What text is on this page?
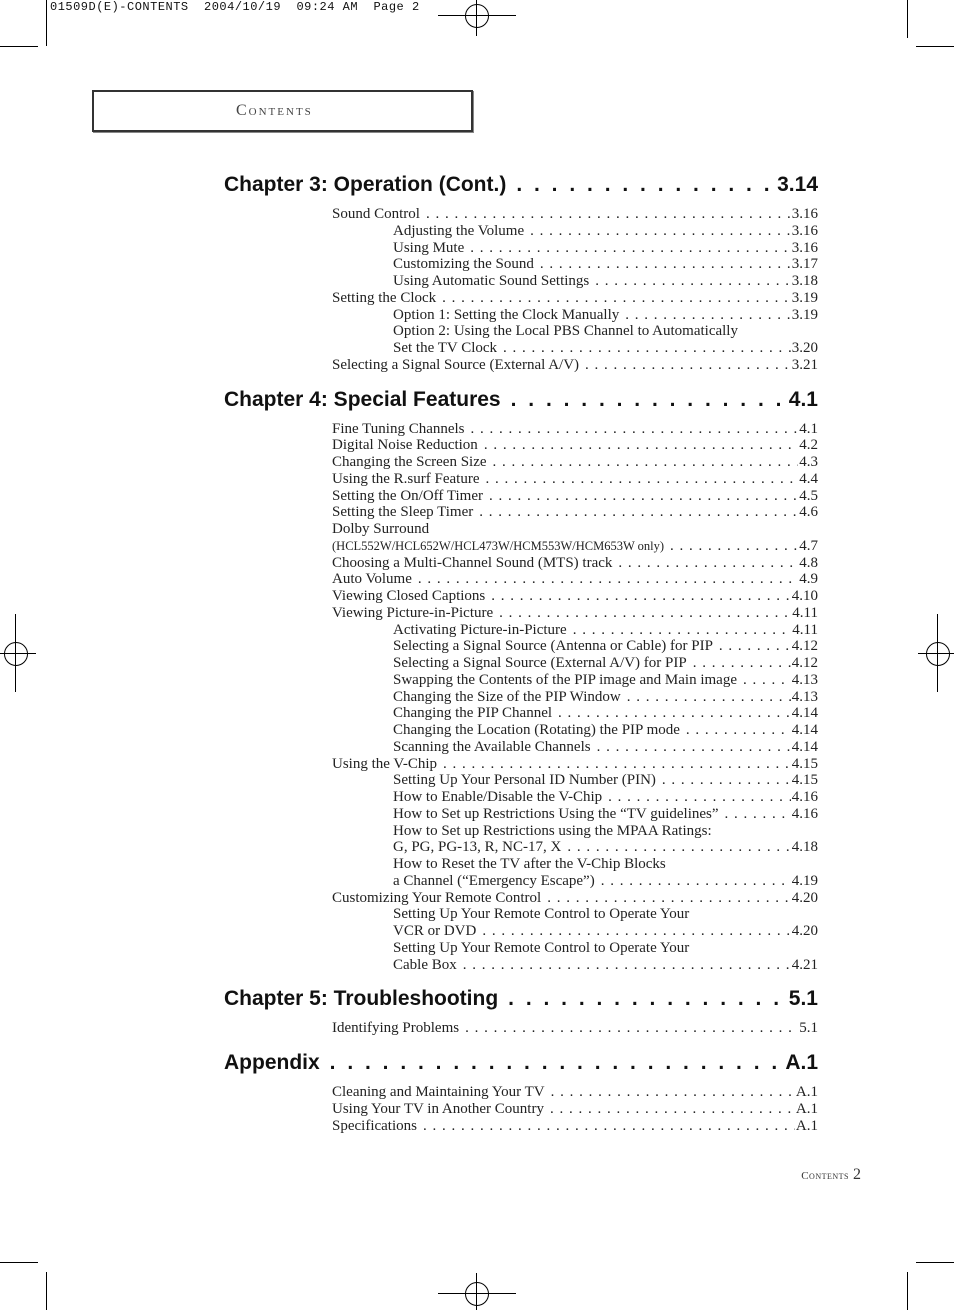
01509D(E)-CONTENTS  2004/10/19  09:24 AM  Page 2
Contents
Chapter 3: Operation (Cont.) . . .	3.14
Sound Control . . .	3.16
Adjusting the Volume . . .	3.16
Using Mute . . .	3.16
Customizing the Sound . . .	3.17
Using Automatic Sound Settings . . .	3.18
Setting the Clock . . .	3.19
Option 1: Setting the Clock Manually . . .	3.19
Option 2: Using the Local PBS Channel to Automatically
Set the TV Clock . . .	3.20
Selecting a Signal Source (External A/V) . . .	3.21
Chapter 4: Special Features . . .	4.1
Fine Tuning Channels . . .	4.1
Digital Noise Reduction . . .	4.2
Changing the Screen Size . . .	4.3
Using the R.surf Feature . . .	4.4
Setting the On/Off Timer . . .	4.5
Setting the Sleep Timer . . .	4.6
Dolby Surround
(HCL552W/HCL652W/HCL473W/HCM553W/HCM653W only) . . .	4.7
Choosing a Multi-Channel Sound (MTS) track . . .	4.8
Auto Volume . . .	4.9
Viewing Closed Captions . . .	4.10
Viewing Picture-in-Picture . . .	4.11
Activating Picture-in-Picture . . .	4.11
Selecting a Signal Source (Antenna or Cable) for PIP . . .	4.12
Selecting a Signal Source (External A/V) for PIP . . .	4.12
Swapping the Contents of the PIP image and Main image . . .	4.13
Changing the Size of the PIP Window . . .	4.13
Changing the PIP Channel . . .	4.14
Changing the Location (Rotating) the PIP mode . . .	4.14
Scanning the Available Channels . . .	4.14
Using the V-Chip . . .	4.15
Setting Up Your Personal ID Number (PIN) . . .	4.15
How to Enable/Disable the V-Chip . . .	4.16
How to Set up Restrictions Using the “TV guidelines” . . .	4.16
How to Set up Restrictions using the MPAA Ratings:
G, PG, PG-13, R, NC-17, X . . .	4.18
How to Reset the TV after the V-Chip Blocks
a Channel (“Emergency Escape”) . . .	4.19
Customizing Your Remote Control . . .	4.20
Setting Up Your Remote Control to Operate Your
VCR or DVD . . .	4.20
Setting Up Your Remote Control to Operate Your
Cable Box . . .	4.21
Chapter 5: Troubleshooting . . .	5.1
Identifying Problems . . .	5.1
Appendix . . .	A.1
Cleaning and Maintaining Your TV . . .	A.1
Using Your TV in Another Country . . .	A.1
Specifications . . .	A.1
Contents 2
